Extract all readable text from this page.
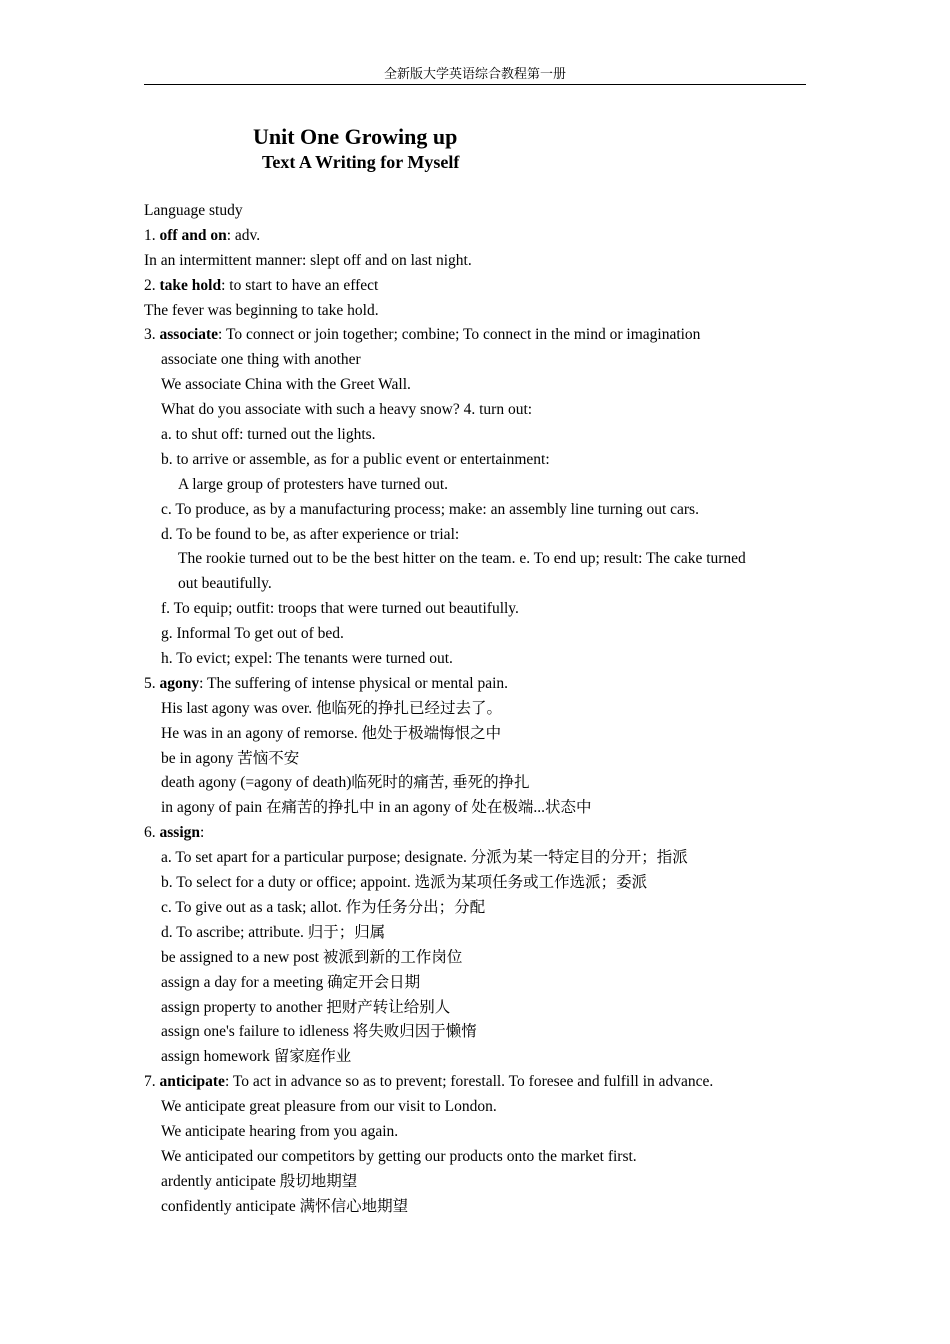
全新版大学英语综合教程第一册
Unit One Growing up
Text A Writing for Myself
Language study
1. off and on: adv.
In an intermittent manner: slept off and on last night.
2. take hold: to start to have an effect
The fever was beginning to take hold.
3. associate: To connect or join together; combine; To connect in the mind or imagination
associate one thing with another
We associate China with the Greet Wall.
What do you associate with such a heavy snow? 4. turn out:
a. to shut off: turned out the lights.
b. to arrive or assemble, as for a public event or entertainment:
A large group of protesters have turned out.
c. To produce, as by a manufacturing process; make: an assembly line turning out cars.
d. To be found to be, as after experience or trial:
The rookie turned out to be the best hitter on the team. e. To end up; result: The cake turned
out beautifully.
f. To equip; outfit: troops that were turned out beautifully.
g. Informal To get out of bed.
h. To evict; expel: The tenants were turned out.
5. agony: The suffering of intense physical or mental pain.
His last agony was over. 他临死的挣扎已经过去了。
He was in an agony of remorse. 他处于极端悔恨之中
be in agony 苦恼不安
death agony (=agony of death)临死时的痛苦, 垂死的挣扎
in agony of pain 在痛苦的挣扎中 in an agony of 处在极端...状态中
6. assign:
a. To set apart for a particular purpose; designate. 分派为某一特定目的分开；指派
b. To select for a duty or office; appoint. 选派为某项任务或工作选派；委派
c. To give out as a task; allot. 作为任务分出；分配
d. To ascribe; attribute. 归于；归属
be assigned to a new post 被派到新的工作岗位
assign a day for a meeting 确定开会日期
assign property to another 把财产转让给别人
assign one's failure to idleness 将失败归因于懒惰
assign homework 留家庭作业
7. anticipate: To act in advance so as to prevent; forestall. To foresee and fulfill in advance.
We anticipate great pleasure from our visit to London.
We anticipate hearing from you again.
We anticipated our competitors by getting our products onto the market first.
ardently anticipate 殷切地期望
confidently anticipate 满怀信心地期望
